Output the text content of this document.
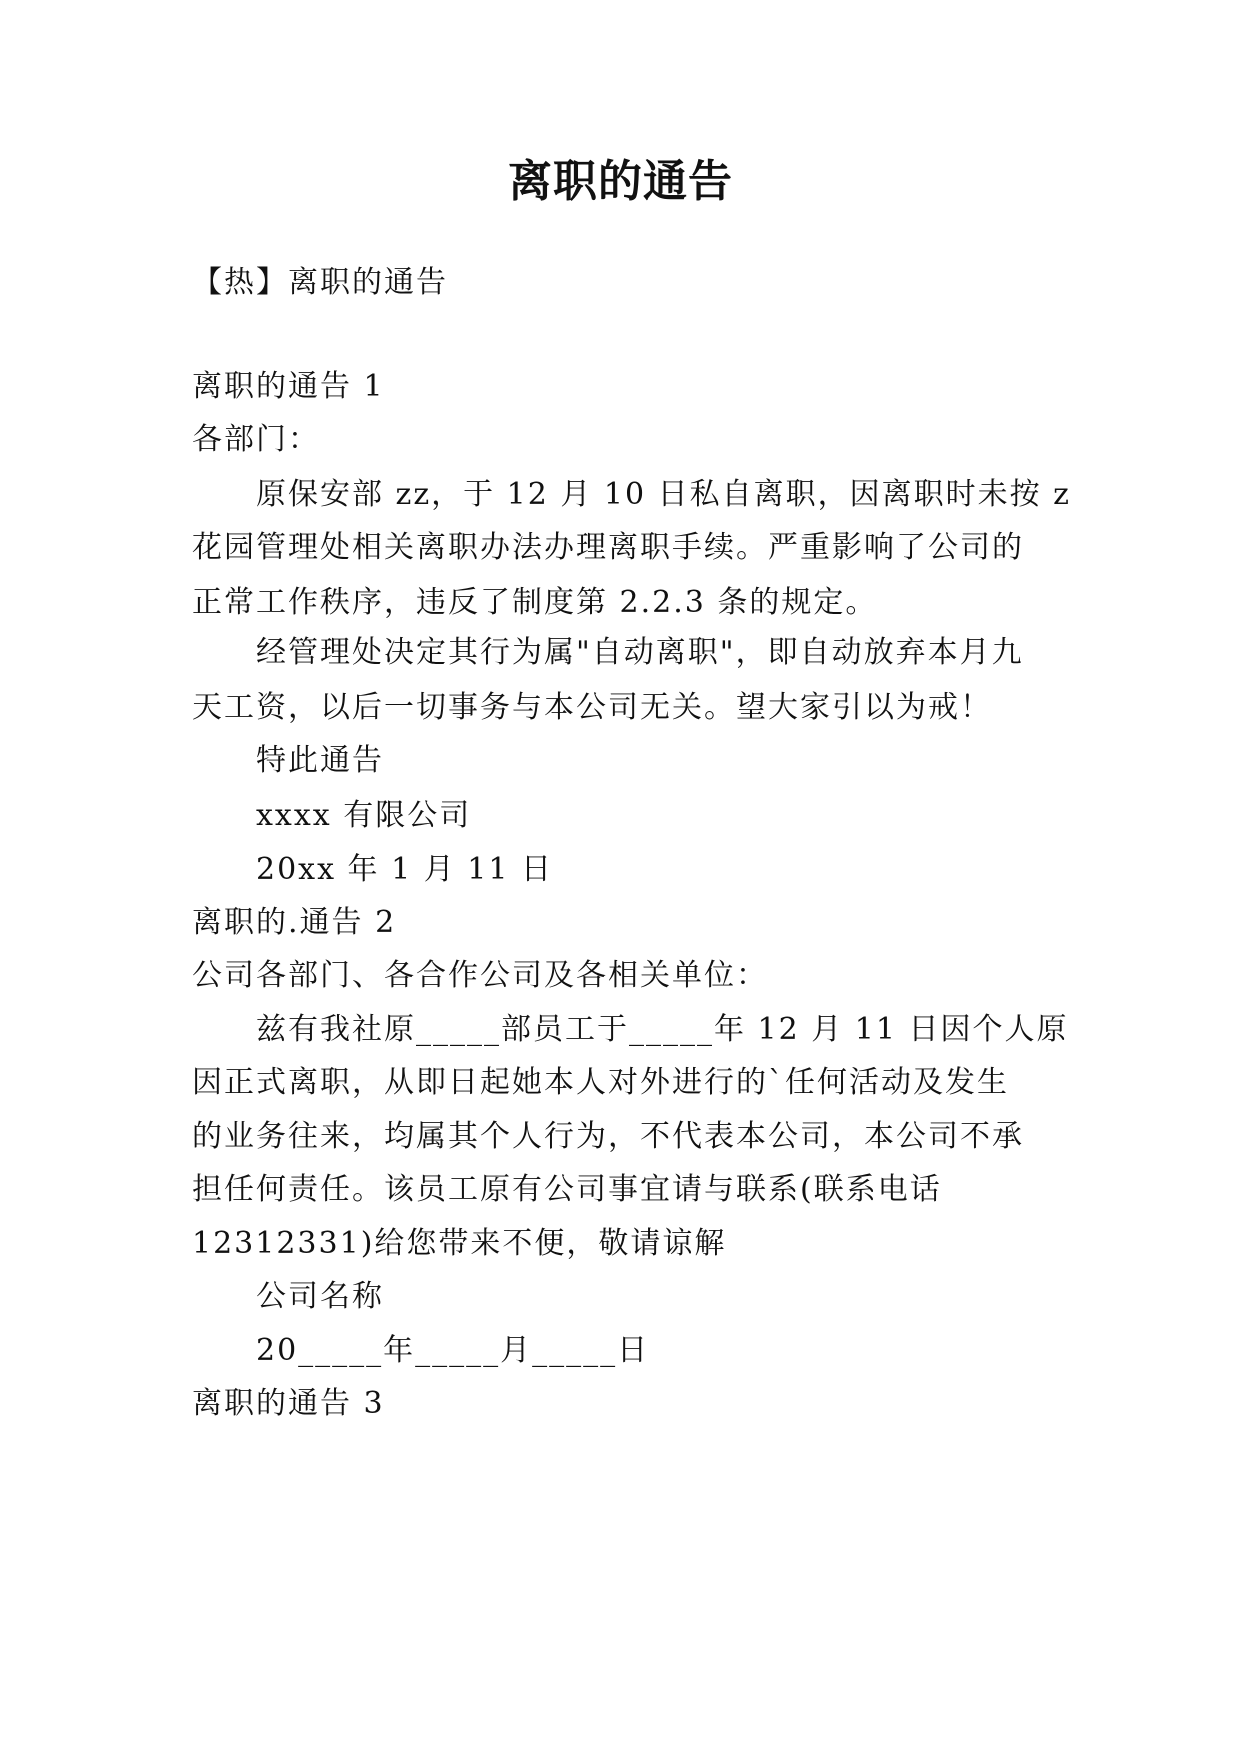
离职的通告
【热】离职的通告
离职的通告 1
各部门：
原保安部 zz，于 12 月 10 日私自离职，因离职时未按 z
花园管理处相关离职办法办理离职手续。严重影响了公司的
正常工作秩序，违反了制度第 2.2.3 条的规定。
经管理处决定其行为属"自动离职"，即自动放弃本月九
天工资，以后一切事务与本公司无关。望大家引以为戒！
特此通告
xxxx 有限公司
20xx 年 1 月 11 日
离职的.通告 2
公司各部门、各合作公司及各相关单位：
兹有我社原_____部员工于_____年 12 月 11 日因个人原
因正式离职，从即日起她本人对外进行的`任何活动及发生
的业务往来，均属其个人行为，不代表本公司，本公司不承
担任何责任。该员工原有公司事宜请与联系(联系电话
12312331)给您带来不便，敬请谅解
公司名称
20_____年_____月_____日
离职的通告 3
